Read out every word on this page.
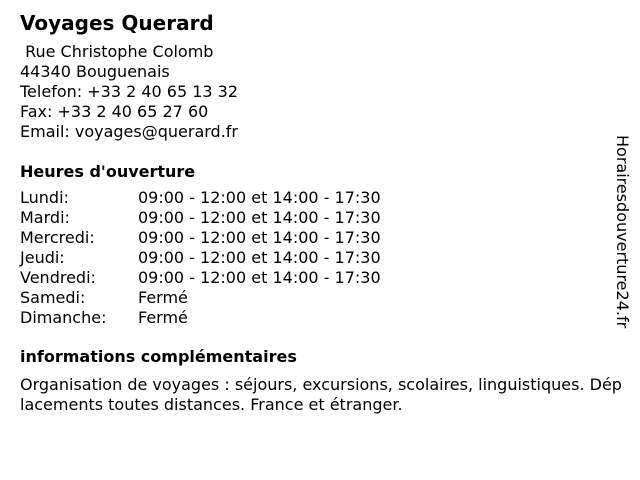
Voyages Querard
Rue Christophe Colomb
44340 Bouguenais
Telefon: +33 2 40 65 13 32
Fax: +33 2 40 65 27 60
Email: voyages@querard.fr
Heures d'ouverture
Lundi:	09:00 - 12:00 et 14:00 - 17:30
Mardi:	09:00 - 12:00 et 14:00 - 17:30
Mercredi:	09:00 - 12:00 et 14:00 - 17:30
Jeudi:	09:00 - 12:00 et 14:00 - 17:30
Vendredi:	09:00 - 12:00 et 14:00 - 17:30
Samedi:	Fermé
Dimanche:	Fermé
informations complémentaires
Organisation de voyages : séjours, excursions, scolaires, linguistiques. Déplacements toutes distances. France et étranger.
Horairesdouverture24.fr
